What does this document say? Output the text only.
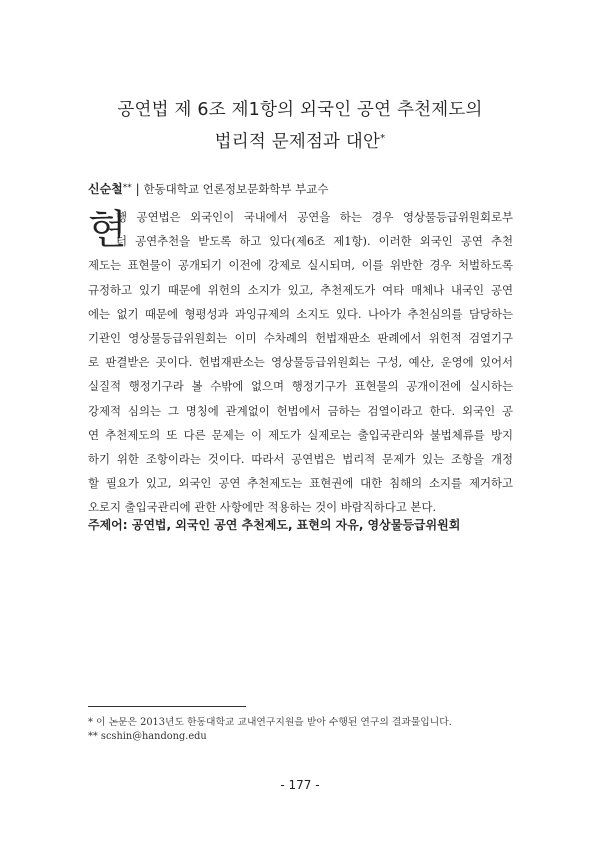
공연법 제 6조 제1항의 외국인 공연 추천제도의
법리적 문제점과 대안*
신순철** | 한동대학교 언론정보문화학부 부교수
현
행 공연법은 외국인이 국내에서 공연을 하는 경우 영상물등급위원회로부
터 공연추천을 받도록 하고 있다(제6조 제1항). 이러한 외국인 공연 추천
제도는 표현물이 공개되기 이전에 강제로 실시되며, 이를 위반한 경우 처벌하도록
규정하고 있기 때문에 위헌의 소지가 있고, 추천제도가 여타 매체나 내국인 공연
에는 없기 때문에 형평성과 과잉규제의 소지도 있다. 나아가 추천심의를 담당하는
기관인 영상물등급위원회는 이미 수차례의 헌법재판소 판례에서 위헌적 검열기구
로 판결받은 곳이다. 헌법재판소는 영상물등급위원회는 구성, 예산, 운영에 있어서
실질적 행정기구라 볼 수밖에 없으며 행정기구가 표현물의 공개이전에 실시하는
강제적 심의는 그 명칭에 관계없이 헌법에서 금하는 검열이라고 한다. 외국인 공
연 추천제도의 또 다른 문제는 이 제도가 실제로는 출입국관리와 불법체류를 방지
하기 위한 조항이라는 것이다. 따라서 공연법은 법리적 문제가 있는 조항을 개정
할 필요가 있고, 외국인 공연 추천제도는 표현권에 대한 침해의 소지를 제거하고
오로지 출입국관리에 관한 사항에만 적용하는 것이 바람직하다고 본다.
주제어: 공연법, 외국인 공연 추천제도, 표현의 자유, 영상물등급위원회
* 이 논문은 2013년도 한동대학교 교내연구지원을 받아 수행된 연구의 결과물입니다.
** scshin@handong.edu
- 177 -
